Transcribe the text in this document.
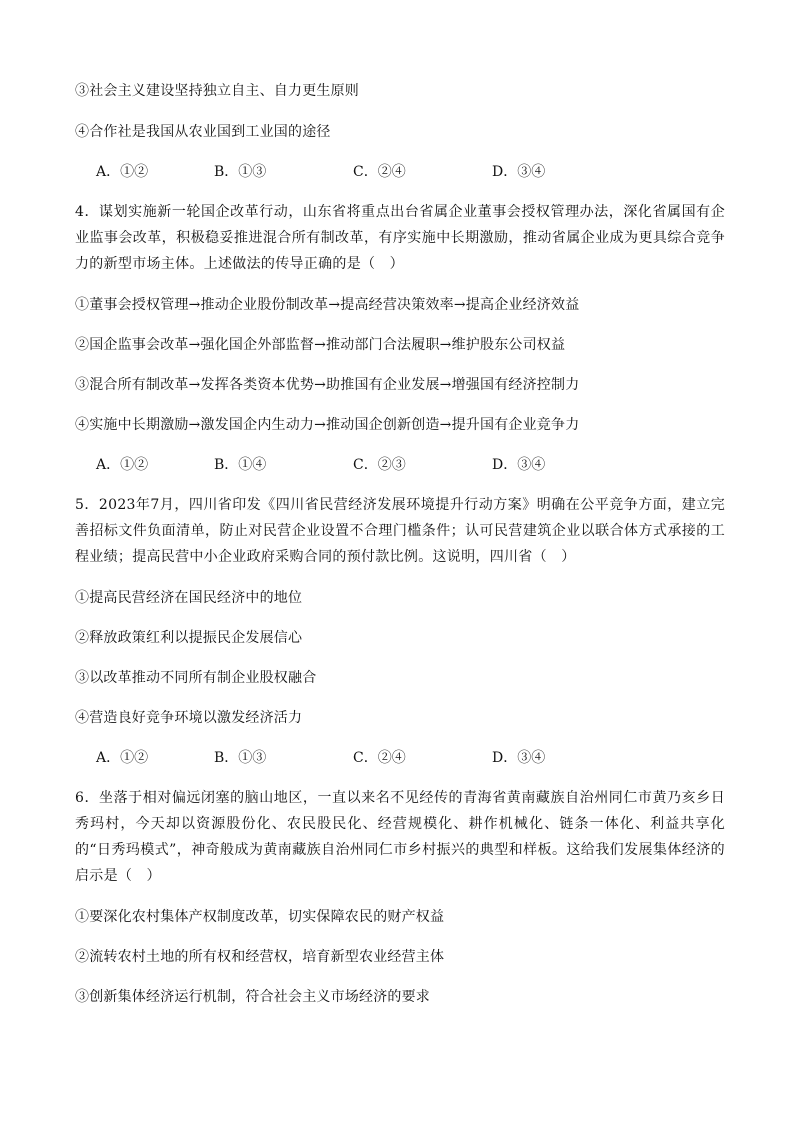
③社会主义建设坚持独立自主、自力更生原则
④合作社是我国从农业国到工业国的途径
A．①②	B．①③	C．②④	D．③④
4．谋划实施新一轮国企改革行动，山东省将重点出台省属企业董事会授权管理办法，深化省属国有企业监事会改革，积极稳妥推进混合所有制改革，有序实施中长期激励，推动省属企业成为更具综合竞争力的新型市场主体。上述做法的传导正确的是（　）
①董事会授权管理→推动企业股份制改革→提高经营决策效率→提高企业经济效益
②国企监事会改革→强化国企外部监督→推动部门合法履职→维护股东公司权益
③混合所有制改革→发挥各类资本优势→助推国有企业发展→增强国有经济控制力
④实施中长期激励→激发国企内生动力→推动国企创新创造→提升国有企业竞争力
A．①②	B．①④	C．②③	D．③④
5．2023年7月，四川省印发《四川省民营经济发展环境提升行动方案》明确在公平竞争方面，建立完善招标文件负面清单，防止对民营企业设置不合理门槛条件；认可民营建筑企业以联合体方式承接的工程业绩；提高民营中小企业政府采购合同的预付款比例。这说明，四川省（　）
①提高民营经济在国民经济中的地位
②释放政策红利以提振民企发展信心
③以改革推动不同所有制企业股权融合
④营造良好竞争环境以激发经济活力
A．①②	B．①③	C．②④	D．③④
6．坐落于相对偏远闭塞的脑山地区，一直以来名不见经传的青海省黄南藏族自治州同仁市黄乃亥乡日秀玛村，今天却以资源股份化、农民股民化、经营规模化、耕作机械化、链条一体化、利益共享化的“日秀玛模式”，神奇般成为黄南藏族自治州同仁市乡村振兴的典型和样板。这给我们发展集体经济的启示是（　）
①要深化农村集体产权制度改革，切实保障农民的财产权益
②流转农村土地的所有权和经营权，培育新型农业经营主体
③创新集体经济运行机制，符合社会主义市场经济的要求
